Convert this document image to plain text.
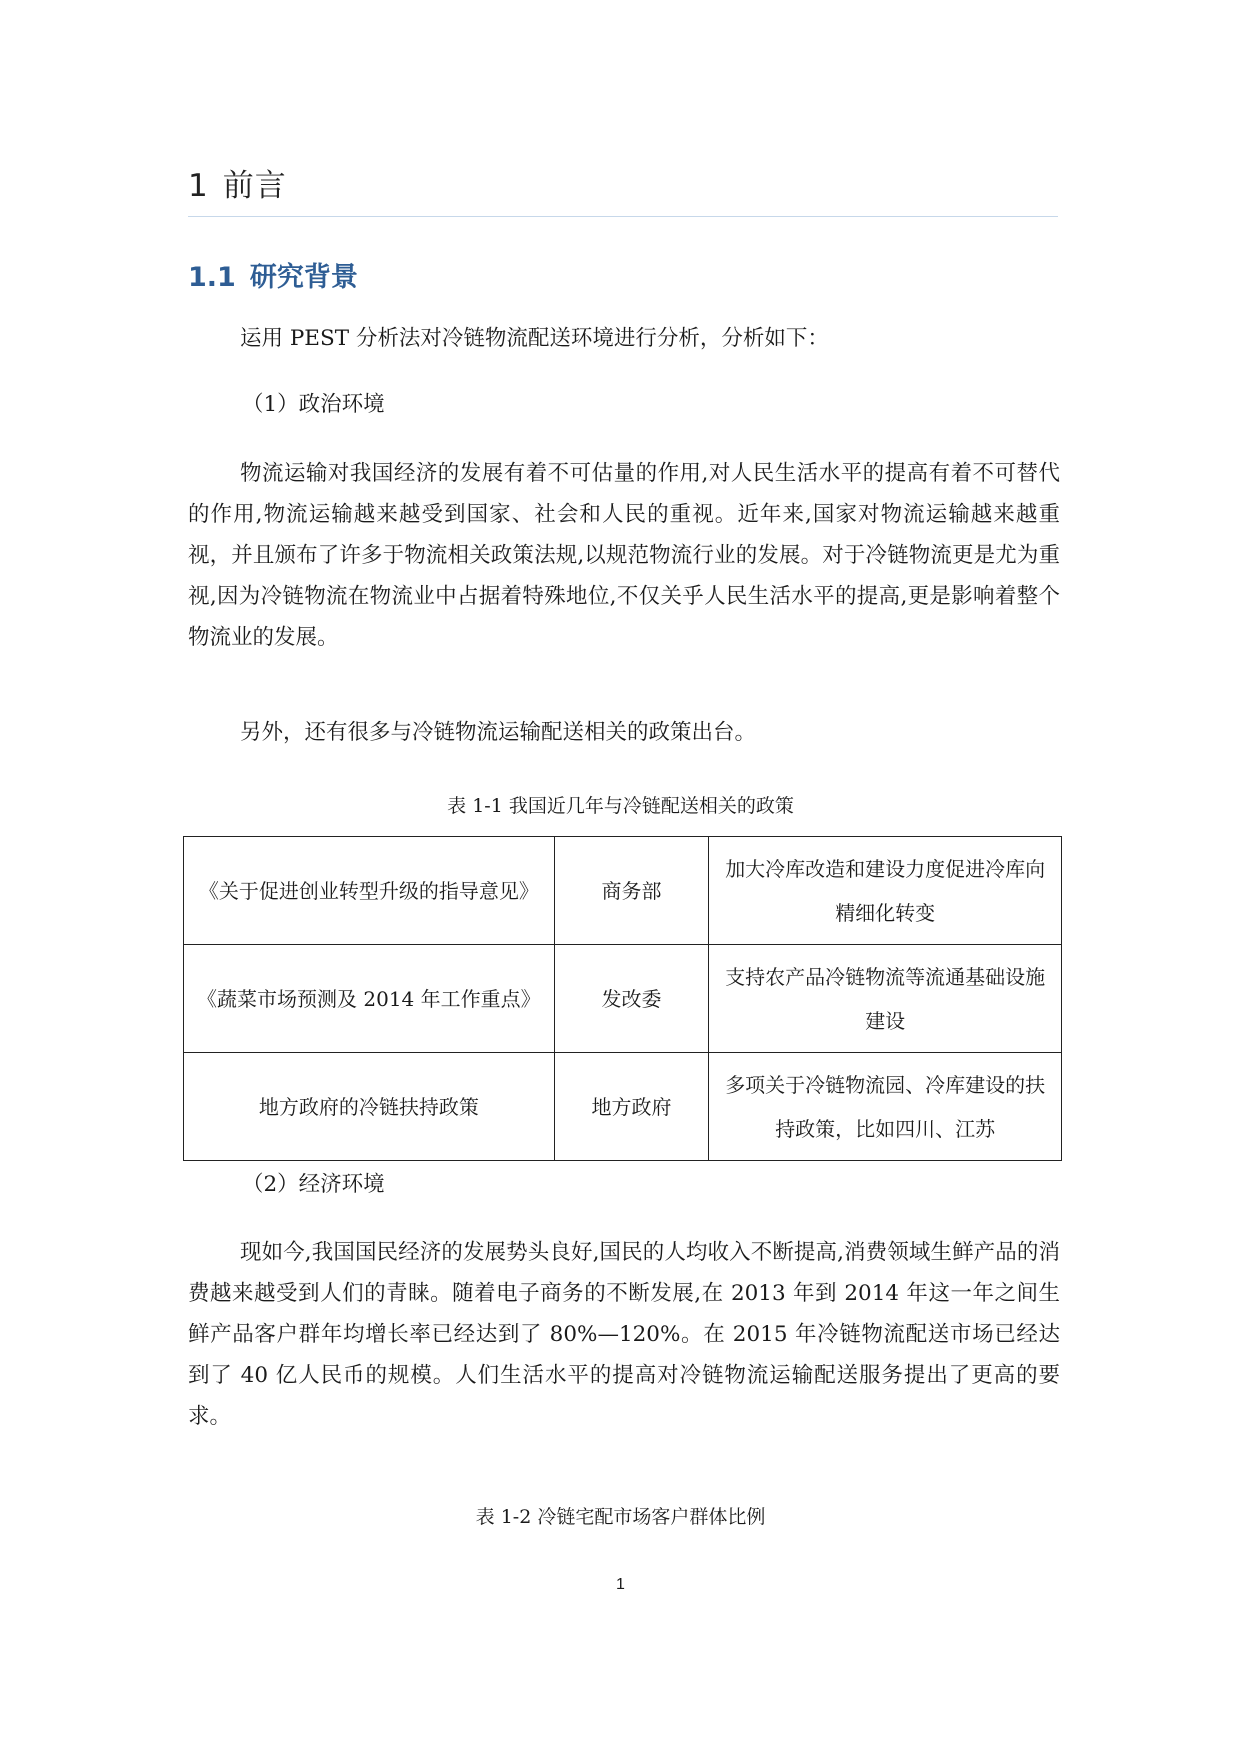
1 前言
1.1 研究背景
运用 PEST 分析法对冷链物流配送环境进行分析，分析如下：
（1）政治环境
物流运输对我国经济的发展有着不可估量的作用,对人民生活水平的提高有着不可替代的作用,物流运输越来越受到国家、社会和人民的重视。近年来,国家对物流运输越来越重视，并且颁布了许多于物流相关政策法规,以规范物流行业的发展。对于冷链物流更是尤为重视,因为冷链物流在物流业中占据着特殊地位,不仅关乎人民生活水平的提高,更是影响着整个物流业的发展。
另外，还有很多与冷链物流运输配送相关的政策出台。
表 1-1 我国近几年与冷链配送相关的政策
《关于促进创业转型升级的指导意见》	商务部	加大冷库改造和建设力度促进冷库向精细化转变
《蔬菜市场预测及 2014 年工作重点》	发改委	支持农产品冷链物流等流通基础设施建设
地方政府的冷链扶持政策	地方政府	多项关于冷链物流园、冷库建设的扶持政策，比如四川、江苏
（2）经济环境
现如今,我国国民经济的发展势头良好,国民的人均收入不断提高,消费领域生鲜产品的消费越来越受到人们的青睐。随着电子商务的不断发展,在 2013 年到 2014 年这一年之间生鲜产品客户群年均增长率已经达到了 80%—120%。在 2015 年冷链物流配送市场已经达到了 40 亿人民币的规模。人们生活水平的提高对冷链物流运输配送服务提出了更高的要求。
表 1-2 冷链宅配市场客户群体比例
1
